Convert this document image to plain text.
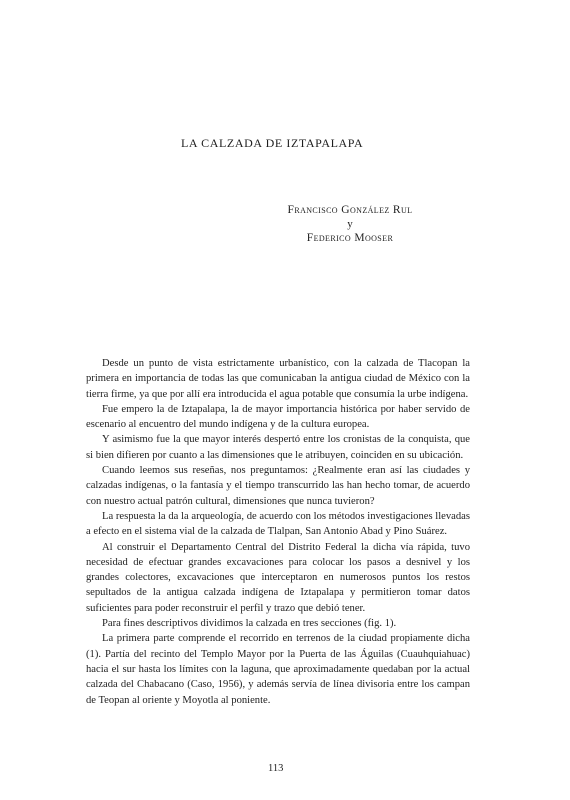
LA CALZADA DE IZTAPALAPA
Francisco González Rul
y
Federico Mooser

Desde un punto de vista estrictamente urbanístico, con la calzada de Tlacopan la primera en importancia de todas las que comunicaban la antigua ciudad de México con la tierra firme, ya que por allí era introducida el agua potable que consumía la urbe indígena.

Fue empero la de Iztapalapa, la de mayor importancia histórica por haber servido de escenario al encuentro del mundo indígena y de la cultura europea.

Y asimismo fue la que mayor interés despertó entre los cronistas de la conquista, que si bien difieren por cuanto a las dimensiones que le atribuyen, coinciden en su ubicación.

Cuando leemos sus reseñas, nos preguntamos: ¿Realmente eran así las ciudades y calzadas indígenas, o la fantasía y el tiempo transcurrido las han hecho tomar, de acuerdo con nuestro actual patrón cultural, dimensiones que nunca tuvieron?

La respuesta la da la arqueología, de acuerdo con los métodos investigaciones llevadas a efecto en el sistema vial de la calzada de Tlalpan, San Antonio Abad y Pino Suárez.

Al construir el Departamento Central del Distrito Federal la dicha vía rápida, tuvo necesidad de efectuar grandes excavaciones para colocar los pasos a desnivel y los grandes colectores, excavaciones que interceptaron en numerosos puntos los restos sepultados de la antigua calzada indígena de Iztapalapa y permitieron tomar datos suficientes para poder reconstruir el perfil y trazo que debió tener.

Para fines descriptivos dividimos la calzada en tres secciones (fig. 1).

La primera parte comprende el recorrido en terrenos de la ciudad propiamente dicha (1). Partía del recinto del Templo Mayor por la Puerta de las Águilas (Cuauhquiahuac) hacia el sur hasta los límites con la laguna, que aproximadamente quedaban por la actual calzada del Chabacano (Caso, 1956), y además servía de línea divisoria entre los campan de Teopan al oriente y Moyotla al poniente.

113
